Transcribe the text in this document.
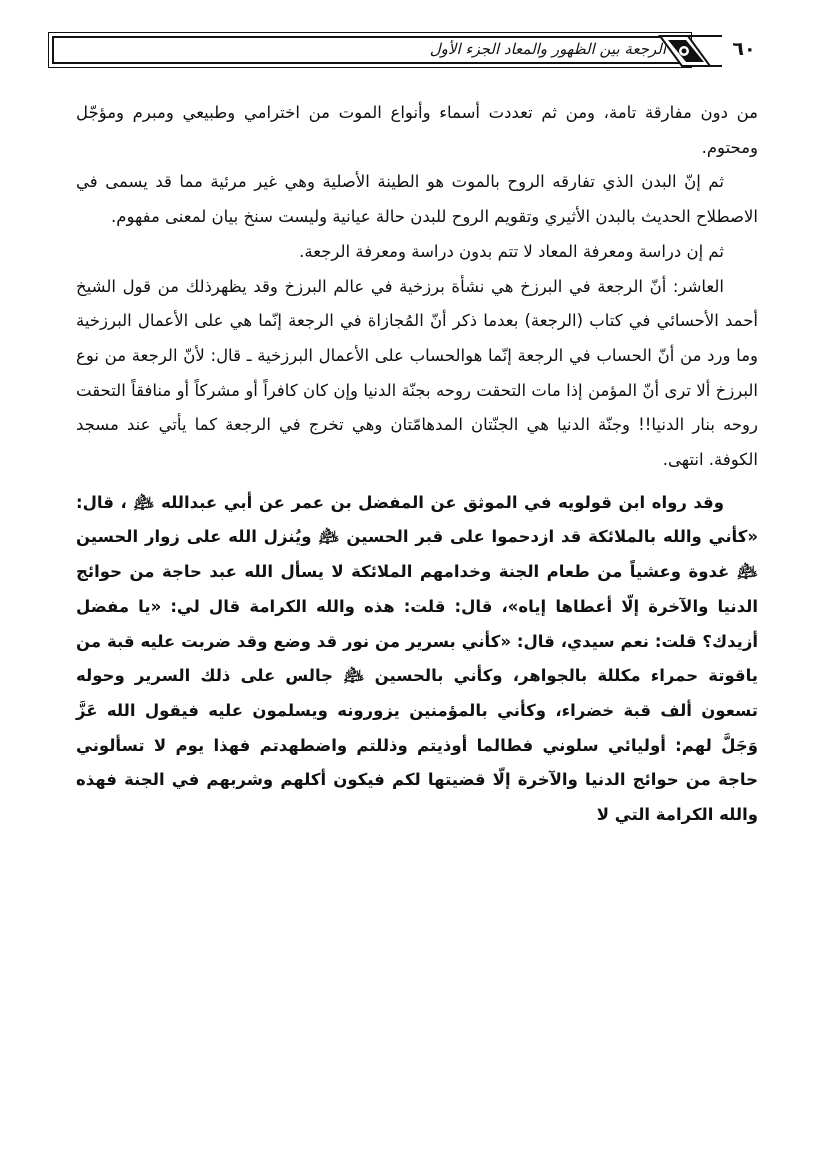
الرجعة بين الظهور والمعاد الجزء الأول	٦٠

من دون مفارقة تامة، ومن ثم تعددت أسماء وأنواع الموت من اخترامي وطبيعي ومبرم ومؤجّل ومحتوم.

ثم إنّ البدن الذي تفارقه الروح بالموت هو الطينة الأصلية وهي غير مرئية مما قد يسمى في الاصطلاح الحديث بالبدن الأثيري وتقويم الروح للبدن حالة عيانية وليست سنخ بيان لمعنى مفهوم.

ثم إن دراسة ومعرفة المعاد لا تتم بدون دراسة ومعرفة الرجعة.

العاشر: أنّ الرجعة في البرزخ هي نشأة برزخية في عالم البرزخ وقد يظهرذلك من قول الشيخ أحمد الأحسائي في كتاب (الرجعة) بعدما ذكر أنّ المُجازاة في الرجعة إنّما هي على الأعمال البرزخية وما ورد من أنّ الحساب في الرجعة إنّما هوالحساب على الأعمال البرزخية ـ قال: لأنّ الرجعة من نوع البرزخ ألا ترى أنّ المؤمن إذا مات التحقت روحه بجنّة الدنيا وإن كان كافراً أو مشركاً أو منافقاً التحقت روحه بنار الدنيا!! وجنّة الدنيا هي الجنّتان المدهامّتان وهي تخرج في الرجعة كما يأتي عند مسجد الكوفة. انتهى.

وقد رواه ابن قولويه في الموثق عن المفضل بن عمر عن أبي عبدالله ﵇ ، قال: «كأني والله بالملائكة قد ازدحموا على قبر الحسين ﵇ ويُنزل الله على زوار الحسين ﵇ غدوة وعشياً من طعام الجنة وخدامهم الملائكة لا يسأل الله عبد حاجة من حوائج الدنيا والآخرة إلّا أعطاها إياه»، قال: قلت: هذه والله الكرامة قال لي: «يا مفضل أزيدك؟ قلت: نعم سيدي، قال: «كأني بسرير من نور قد وضع وقد ضربت عليه قبة من ياقوتة حمراء مكللة بالجواهر، وكأني بالحسين ﵇ جالس على ذلك السرير وحوله تسعون ألف قبة خضراء، وكأني بالمؤمنين يزورونه ويسلمون عليه فيقول الله عَزَّ وَجَلَّ لهم: أوليائي سلوني فطالما أوذيتم وذللتم واضطهدتم فهذا يوم لا تسألوني حاجة من حوائج الدنيا والآخرة إلّا قضيتها لكم فيكون أكلهم وشربهم في الجنة فهذه والله الكرامة التي لا
